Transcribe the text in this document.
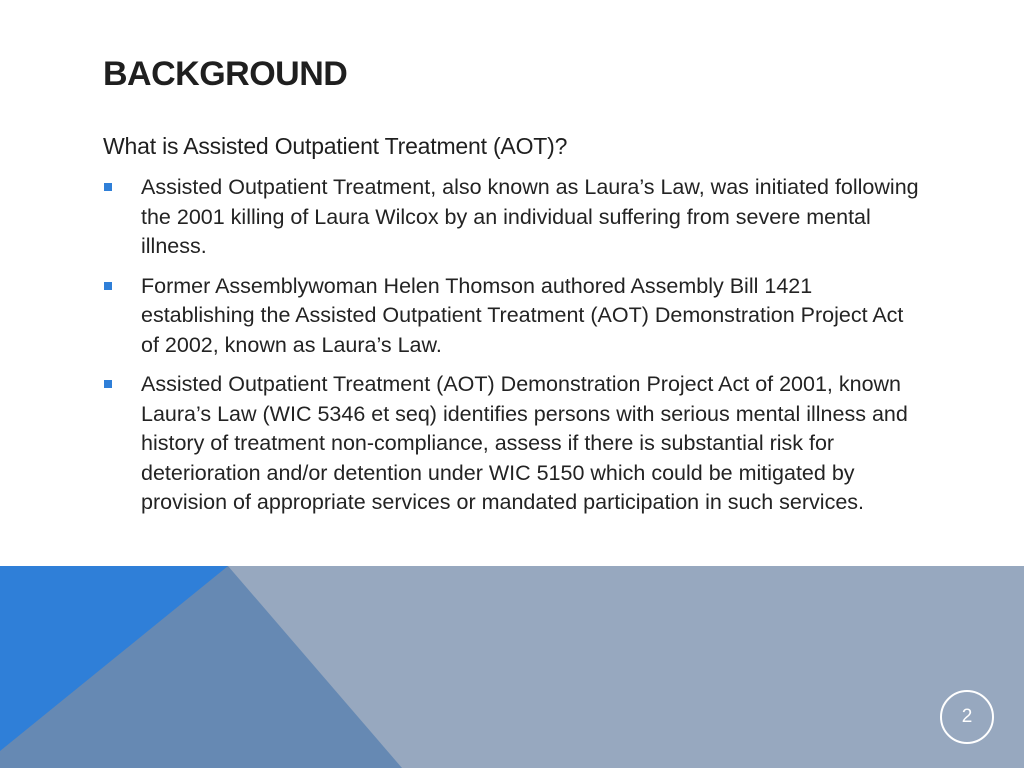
BACKGROUND
What is Assisted Outpatient Treatment (AOT)?
Assisted Outpatient Treatment, also known as Laura’s Law, was initiated following the 2001 killing of Laura Wilcox by an individual suffering from severe mental illness.
Former Assemblywoman Helen Thomson authored Assembly Bill 1421 establishing the Assisted Outpatient Treatment (AOT) Demonstration Project Act of 2002, known as Laura’s Law.
Assisted Outpatient Treatment (AOT) Demonstration Project Act of 2001, known Laura’s Law (WIC 5346 et seq) identifies persons with serious mental illness and history of treatment non-compliance, assess if there is substantial risk for deterioration and/or detention under WIC 5150 which could be mitigated by provision of appropriate services or mandated participation in such services.
2
